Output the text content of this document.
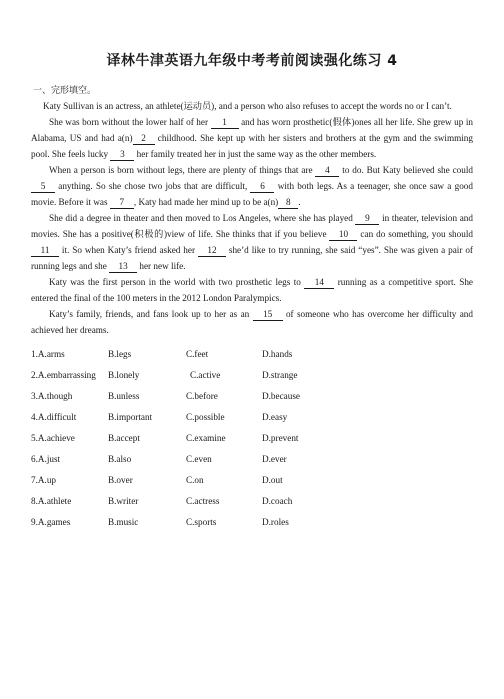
译林牛津英语九年级中考考前阅读强化练习 4
一、完形填空。

Katy Sullivan is an actress, an athlete(运动员), and a person who also refuses to accept the words no or I can’t.

She was born without the lower half of her 1 and has worn prosthetic(假体)ones all her life. She grew up in Alabama, US and had a(n) 2 childhood. She kept up with her sisters and brothers at the gym and the swimming pool. She feels lucky 3 her family treated her in just the same way as the other members.

When a person is born without legs, there are plenty of things that are 4 to do. But Katy believed she could 5 anything. So she chose two jobs that are difficult, 6 with both legs. As a teenager, she once saw a good movie. Before it was 7 , Katy had made her mind up to be a(n) 8 .

She did a degree in theater and then moved to Los Angeles, where she has played 9 in theater, television and movies. She has a positive(积极的)view of life. She thinks that if you believe 10 can do something, you should 11 it. So when Katy’s friend asked her 12 she’d like to try running, she said “yes”. She was given a pair of running legs and she 13 her new life.

Katy was the first person in the world with two prosthetic legs to 14 running as a competitive sport. She entered the final of the 100 meters in the 2012 London Paralympics.

Katy’s family, friends, and fans look up to her as an 15 of someone who has overcome her difficulty and achieved her dreams.

1.A.arms	B.legs	C.feet	D.hands
2.A.embarrassing	B.lonely	C.active	D.strange
3.A.though	B.unless	C.before	D.because
4.A.difficult	B.important	C.possible	D.easy
5.A.achieve	B.accept	C.examine	D.prevent
6.A.just	B.also	C.even	D.ever
7.A.up	B.over	C.on	D.out
8.A.athlete	B.writer	C.actress	D.coach
9.A.games	B.music	C.sports	D.roles
